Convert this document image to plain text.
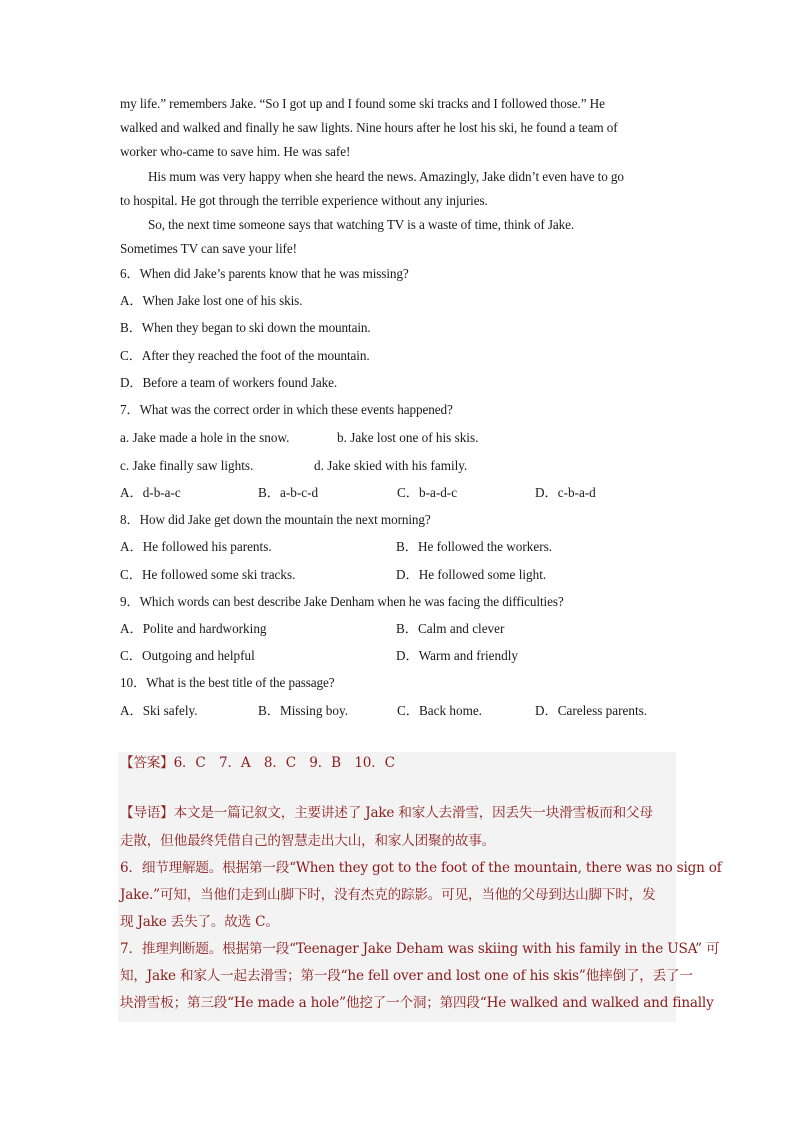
my life.” remembers Jake. “So I got up and I found some ski tracks and I followed those.” He
walked and walked and finally he saw lights. Nine hours after he lost his ski, he found a team of
worker who-came to save him. He was safe!
His mum was very happy when she heard the news. Amazingly, Jake didn’t even have to go
to hospital. He got through the terrible experience without any injuries.
So, the next time someone says that watching TV is a waste of time, think of Jake.
Sometimes TV can save your life!
6．When did Jake’s parents know that he was missing?
A．When Jake lost one of his skis.
B．When they began to ski down the mountain.
C．After they reached the foot of the mountain.
D．Before a team of workers found Jake.
7．What was the correct order in which these events happened?
a. Jake made a hole in the snow.	b. Jake lost one of his skis.
c. Jake finally saw lights.	d. Jake skied with his family.
A．d-b-a-c	B．a-b-c-d	C．b-a-d-c	D．c-b-a-d
8．How did Jake get down the mountain the next morning?
A．He followed his parents.	B．He followed the workers.
C．He followed some ski tracks.	D．He followed some light.
9．Which words can best describe Jake Denham when he was facing the difficulties?
A．Polite and hardworking	B．Calm and clever
C．Outgoing and helpful	D．Warm and friendly
10．What is the best title of the passage?
A．Ski safely.	B．Missing boy.	C．Back home.	D．Careless parents.
【答案】6．C　7．A　8．C　9．B　10．C
【导语】本文是一篇记叙文，主要讲述了 Jake 和家人去滑雪，因丢失一块滑雪板而和父母
走散，但他最终凭借自己的智慧走出大山，和家人团聚的故事。
6．细节理解题。根据第一段“When they got to the foot of the mountain, there was no sign of
Jake.”可知，当他们走到山脚下时，没有杰克的踪影。可见，当他的父母到达山脚下时，发
现 Jake 丢失了。故选 C。
7．推理判断题。根据第一段“Teenager Jake Deham was skiing with his family in the USA” 可
知，Jake 和家人一起去滑雪；第一段“he fell over and lost one of his skis”他摔倒了，丢了一
块滑雪板；第三段“He made a hole”他挖了一个洞；第四段“He walked and walked and finally
